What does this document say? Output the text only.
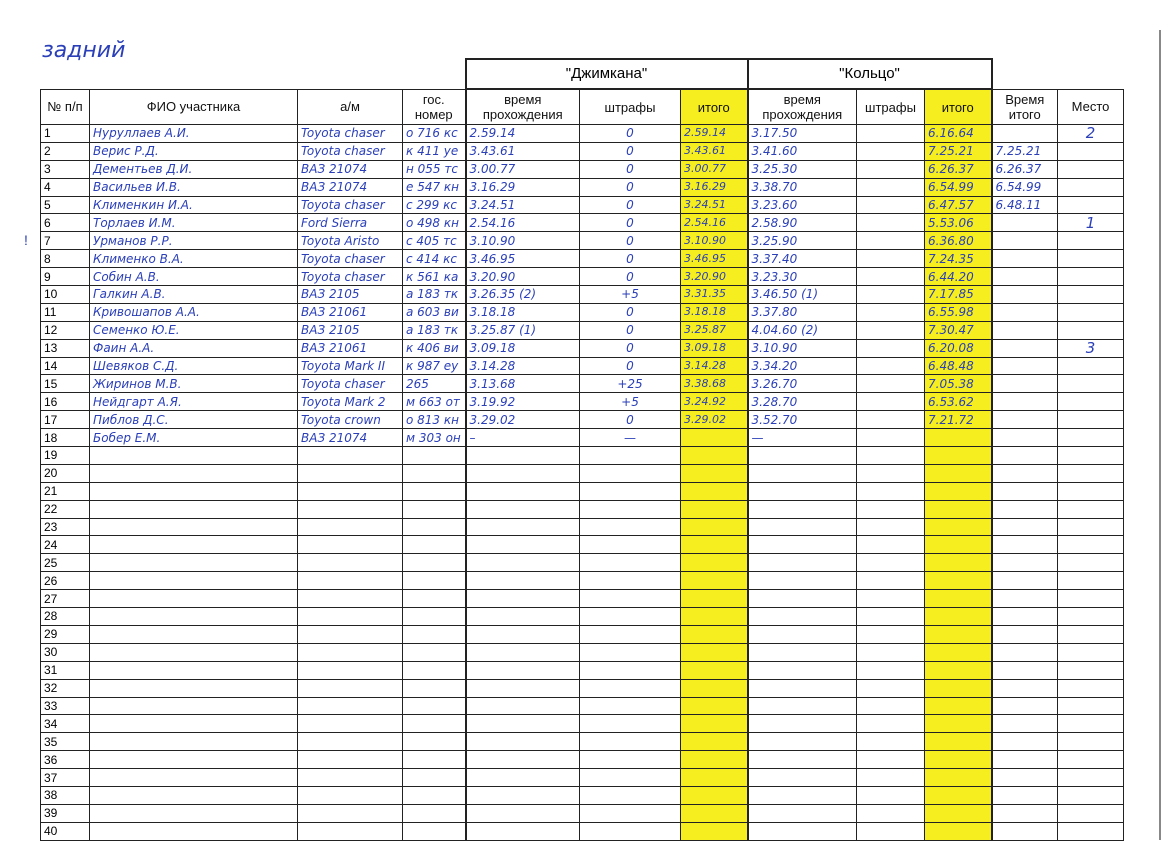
задний
!
				"Джимкана"			"Кольцо"				
№ п/п	ФИО участника	а/м	гос. номер	время прохождения	штрафы	итого	время прохождения	штрафы	итого	Время итого	Место
1	Нуруллаев А.И.	Toyota chaser	о 716 кс	2.59.14	0	2.59.14	3.17.50		6.16.64		2
2	Верис Р.Д.	Toyota chaser	к 411 уе	3.43.61	0	3.43.61	3.41.60		7.25.21	7.25.21	
3	Дементьев Д.И.	ВАЗ 21074	н 055 тс	3.00.77	0	3.00.77	3.25.30		6.26.37	6.26.37	
4	Васильев И.В.	ВАЗ 21074	е 547 кн	3.16.29	0	3.16.29	3.38.70		6.54.99	6.54.99	
5	Клименкин И.А.	Toyota chaser	с 299 кс	3.24.51	0	3.24.51	3.23.60		6.47.57	6.48.11	
6	Торлаев И.М.	Ford Sierra	о 498 кн	2.54.16	0	2.54.16	2.58.90		5.53.06		1
7	Урманов Р.Р.	Toyota Aristo	с 405 тс	3.10.90	0	3.10.90	3.25.90		6.36.80		
8	Клименко В.А.	Toyota chaser	с 414 кс	3.46.95	0	3.46.95	3.37.40		7.24.35		
9	Собин А.В.	Toyota chaser	к 561 ка	3.20.90	0	3.20.90	3.23.30		6.44.20		
10	Галкин А.В.	ВАЗ 2105	а 183 тк	3.26.35 (2)	+5	3.31.35	3.46.50 (1)		7.17.85		
11	Кривошапов А.А.	ВАЗ 21061	а 603 ви	3.18.18	0	3.18.18	3.37.80		6.55.98		
12	Семенко Ю.Е.	ВАЗ 2105	а 183 тк	3.25.87 (1)	0	3.25.87	4.04.60 (2)		7.30.47		
13	Фаин А.А.	ВАЗ 21061	к 406 ви	3.09.18	0	3.09.18	3.10.90		6.20.08		3
14	Шевяков С.Д.	Toyota Mark II	к 987 еу	3.14.28	0	3.14.28	3.34.20		6.48.48		
15	Жиринов М.В.	Toyota chaser	265	3.13.68	+25	3.38.68	3.26.70		7.05.38		
16	Нейдгарт А.Я.	Toyota Mark 2	м 663 от	3.19.92	+5	3.24.92	3.28.70		6.53.62		
17	Пиблов Д.С.	Toyota crown	о 813 кн	3.29.02	0	3.29.02	3.52.70		7.21.72		
18	Бобер Е.М.	ВАЗ 21074	м 303 он	–	—		—				
19											
20											
21											
22											
23											
24											
25											
26											
27											
28											
29											
30											
31											
32											
33											
34											
35											
36											
37											
38											
39											
40											
